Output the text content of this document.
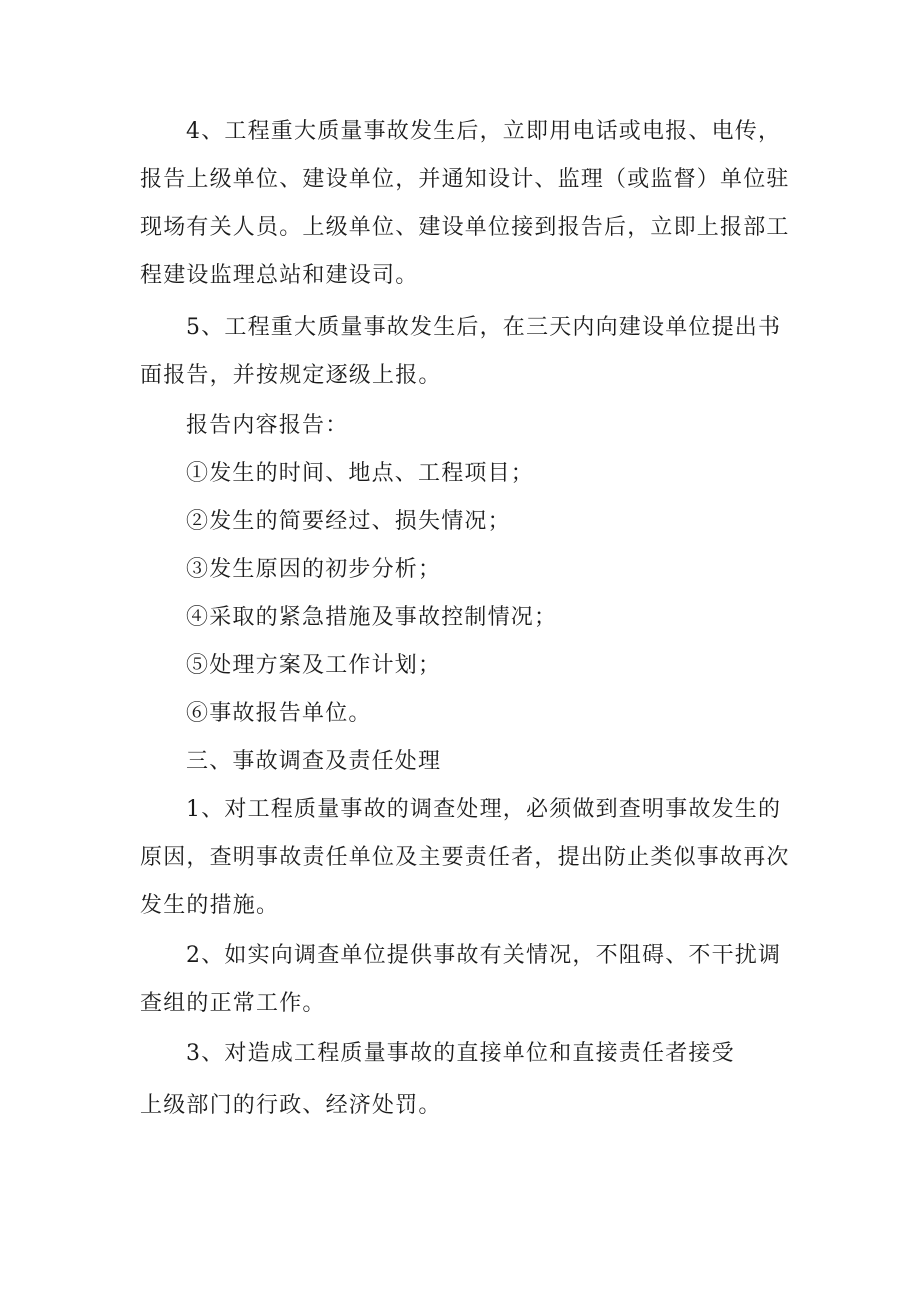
4、工程重大质量事故发生后，立即用电话或电报、电传，
报告上级单位、建设单位，并通知设计、监理（或监督）单位驻
现场有关人员。上级单位、建设单位接到报告后，立即上报部工
程建设监理总站和建设司。
5、工程重大质量事故发生后，在三天内向建设单位提出书
面报告，并按规定逐级上报。
报告内容报告：
①发生的时间、地点、工程项目；
②发生的简要经过、损失情况；
③发生原因的初步分析；
④采取的紧急措施及事故控制情况；
⑤处理方案及工作计划；
⑥事故报告单位。
三、事故调查及责任处理
1、对工程质量事故的调查处理，必须做到查明事故发生的
原因，查明事故责任单位及主要责任者，提出防止类似事故再次
发生的措施。
2、如实向调查单位提供事故有关情况，不阻碍、不干扰调
查组的正常工作。
3、对造成工程质量事故的直接单位和直接责任者接受
上级部门的行政、经济处罚。
